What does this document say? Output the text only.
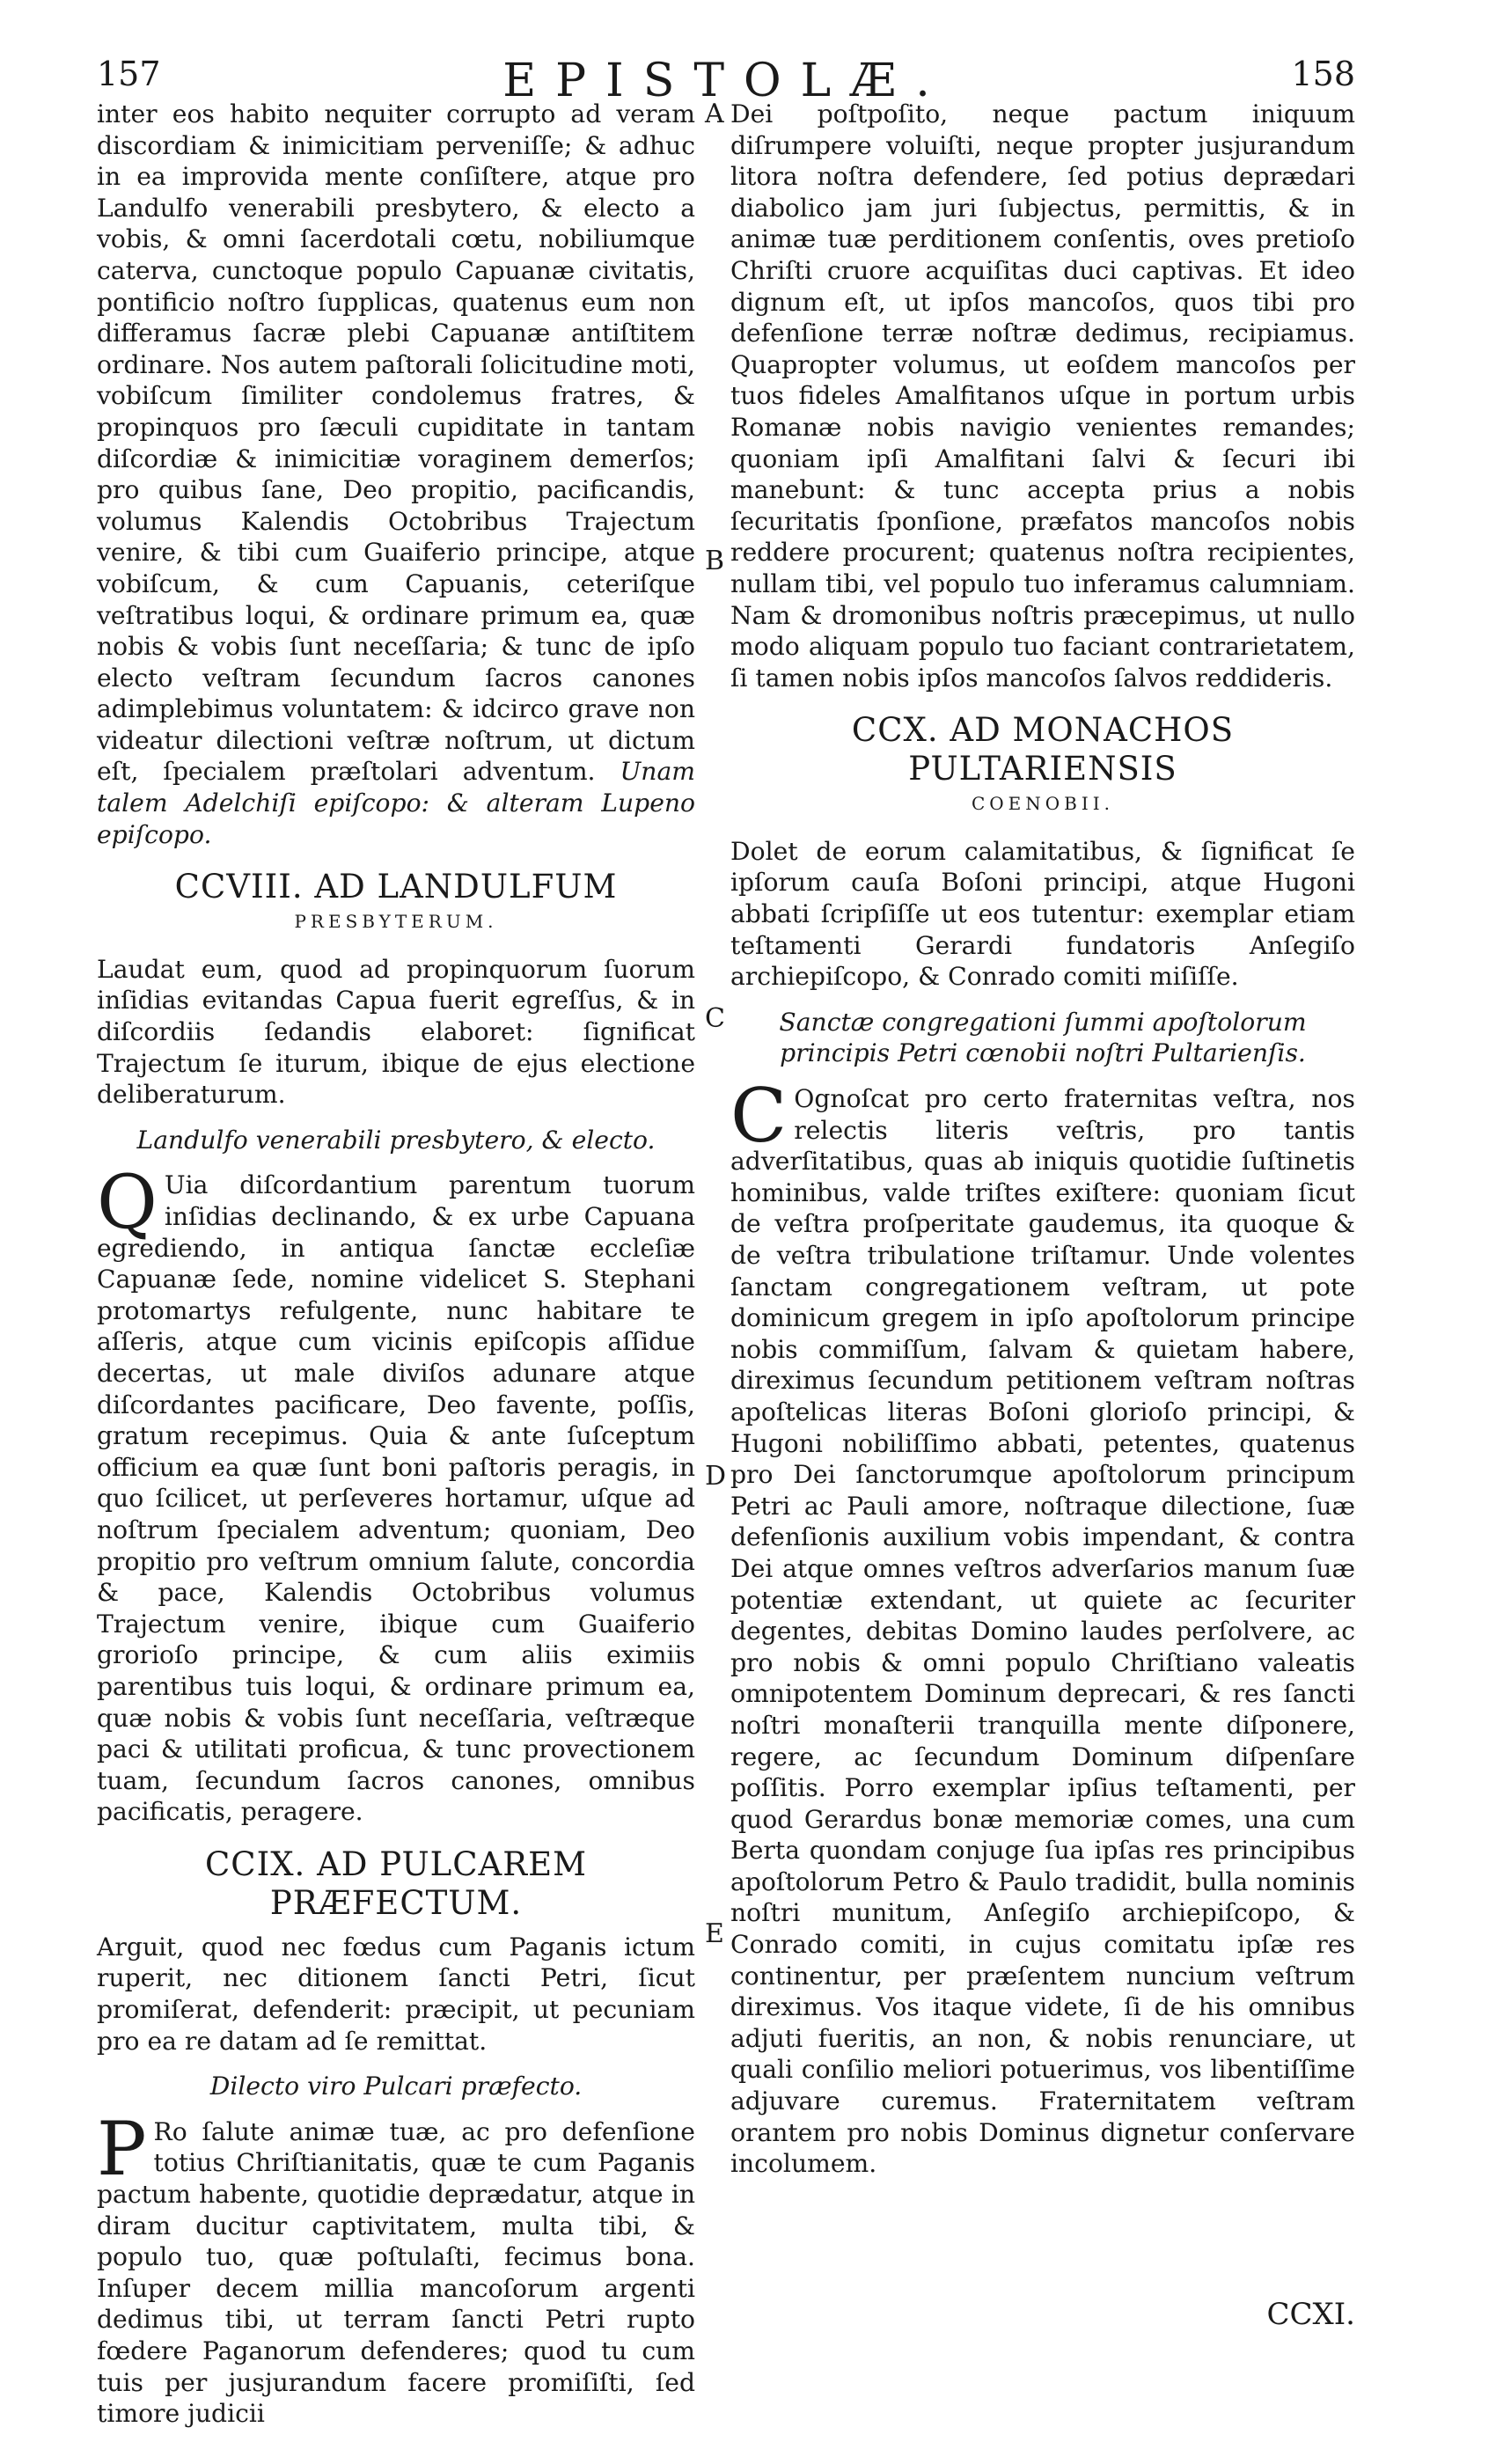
157	EPISTOLÆ.	158
A
B
C
D
E

inter eos habito nequiter corrupto ad veram discordiam & inimicitiam perveniſſe; & adhuc in ea improvida mente conſiſtere, atque pro Landulfo venerabili presbytero, & electo a vobis, & omni ſacerdotali cœtu, nobiliumque caterva, cunctoque populo Capuanæ civitatis, pontificio noſtro ſupplicas, quatenus eum non differamus ſacræ plebi Capuanæ antiſtitem ordinare. Nos autem paſtorali ſolicitudine moti, vobiſcum ſimiliter condolemus fratres, & propinquos pro ſæculi cupiditate in tantam diſcordiæ & inimicitiæ voraginem demerſos; pro quibus ſane, Deo propitio, pacificandis, volumus Kalendis Octobribus Trajectum venire, & tibi cum Guaiferio principe, atque vobiſcum, & cum Capuanis, ceteriſque veſtratibus loqui, & ordinare primum ea, quæ nobis & vobis ſunt neceſſaria; & tunc de ipſo electo veſtram ſecundum ſacros canones adimplebimus voluntatem: & idcirco grave non videatur dilectioni veſtræ noſtrum, ut dictum eſt, ſpecialem præſtolari adventum. Unam talem Adelchiſi epiſcopo: & alteram Lupeno epiſcopo.

CCVIII. AD LANDULFUM
PRESBYTERUM.

Laudat eum, quod ad propinquorum ſuorum inſidias evitandas Capua fuerit egreſſus, & in diſcordiis ſedandis elaboret: ſignificat Trajectum ſe iturum, ibique de ejus electione deliberaturum.

Landulfo venerabili presbytero, & electo.

Q Uia diſcordantium parentum tuorum inſidias declinando, & ex urbe Capuana egrediendo, in antiqua ſanctæ eccleſiæ Capuanæ ſede, nomine videlicet S. Stephani protomartys refulgente, nunc habitare te aſſeris, atque cum vicinis epiſcopis aſſidue decertas, ut male diviſos adunare atque diſcordantes pacificare, Deo favente, poſſis, gratum recepimus. Quia & ante ſuſceptum officium ea quæ ſunt boni paſtoris peragis, in quo ſcilicet, ut perſeveres hortamur, uſque ad noſtrum ſpecialem adventum; quoniam, Deo propitio pro veſtrum omnium ſalute, concordia & pace, Kalendis Octobribus volumus Trajectum venire, ibique cum Guaiferio grorioſo principe, & cum aliis eximiis parentibus tuis loqui, & ordinare primum ea, quæ nobis & vobis ſunt neceſſaria, veſtræque paci & utilitati proficua, & tunc provectionem tuam, ſecundum ſacros canones, omnibus pacificatis, peragere.

CCIX. AD PULCAREM PRÆFECTUM.

Arguit, quod nec fœdus cum Paganis ictum ruperit, nec ditionem ſancti Petri, ſicut promiſerat, defenderit: præcipit, ut pecuniam pro ea re datam ad ſe remittat.

Dilecto viro Pulcari præfecto.

P Ro ſalute animæ tuæ, ac pro defenſione totius Chriſtianitatis, quæ te cum Paganis pactum habente, quotidie deprædatur, atque in diram ducitur captivitatem, multa tibi, & populo tuo, quæ poſtulaſti, fecimus bona. Inſuper decem millia mancoſorum argenti dedimus tibi, ut terram ſancti Petri rupto fœdere Paganorum defenderes; quod tu cum tuis per jusjurandum facere promiſiſti, ſed timore judicii

Dei poſtpoſito, neque pactum iniquum diſrumpere voluiſti, neque propter jusjurandum litora noſtra defendere, ſed potius deprædari diabolico jam juri ſubjectus, permittis, & in animæ tuæ perditionem conſentis, oves pretioſo Chriſti cruore acquiſitas duci captivas. Et ideo dignum eſt, ut ipſos mancoſos, quos tibi pro defenſione terræ noſtræ dedimus, recipiamus. Quapropter volumus, ut eoſdem mancoſos per tuos fideles Amalfitanos uſque in portum urbis Romanæ nobis navigio venientes remandes; quoniam ipſi Amalfitani ſalvi & ſecuri ibi manebunt: & tunc accepta prius a nobis ſecuritatis ſponſione, præfatos mancoſos nobis reddere procurent; quatenus noſtra recipientes, nullam tibi, vel populo tuo inferamus calumniam. Nam & dromonibus noſtris præcepimus, ut nullo modo aliquam populo tuo faciant contrarietatem, ſi tamen nobis ipſos mancoſos ſalvos reddideris.

CCX. AD MONACHOS PULTARIENSIS
COENOBII.

Dolet de eorum calamitatibus, & ſignificat ſe ipſorum cauſa Boſoni principi, atque Hugoni abbati ſcripſiſſe ut eos tutentur: exemplar etiam teſtamenti Gerardi fundatoris Anſegiſo archiepiſcopo, & Conrado comiti miſiſſe.

Sanctæ congregationi ſummi apoſtolorum principis Petri cœnobii noſtri Pultarienſis.

C Ognoſcat pro certo fraternitas veſtra, nos relectis literis veſtris, pro tantis adverſitatibus, quas ab iniquis quotidie ſuſtinetis hominibus, valde triſtes exiſtere: quoniam ſicut de veſtra proſperitate gaudemus, ita quoque & de veſtra tribulatione triſtamur. Unde volentes ſanctam congregationem veſtram, ut pote dominicum gregem in ipſo apoſtolorum principe nobis commiſſum, ſalvam & quietam habere, direximus ſecundum petitionem veſtram noſtras apoſtelicas literas Boſoni glorioſo principi, & Hugoni nobiliſſimo abbati, petentes, quatenus pro Dei ſanctorumque apoſtolorum principum Petri ac Pauli amore, noſtraque dilectione, ſuæ defenſionis auxilium vobis impendant, & contra Dei atque omnes veſtros adverſarios manum ſuæ potentiæ extendant, ut quiete ac ſecuriter degentes, debitas Domino laudes perſolvere, ac pro nobis & omni populo Chriſtiano valeatis omnipotentem Dominum deprecari, & res ſancti noſtri monaſterii tranquilla mente diſponere, regere, ac ſecundum Dominum diſpenſare poſſitis. Porro exemplar ipſius teſtamenti, per quod Gerardus bonæ memoriæ comes, una cum Berta quondam conjuge ſua ipſas res principibus apoſtolorum Petro & Paulo tradidit, bulla nominis noſtri munitum, Anſegiſo archiepiſcopo, & Conrado comiti, in cujus comitatu ipſæ res continentur, per præſentem nuncium veſtrum direximus. Vos itaque videte, ſi de his omnibus adjuti fueritis, an non, & nobis renunciare, ut quali conſilio meliori potuerimus, vos libentiſſime adjuvare curemus. Fraternitatem veſtram orantem pro nobis Dominus dignetur conſervare incolumem.

CCXI.
